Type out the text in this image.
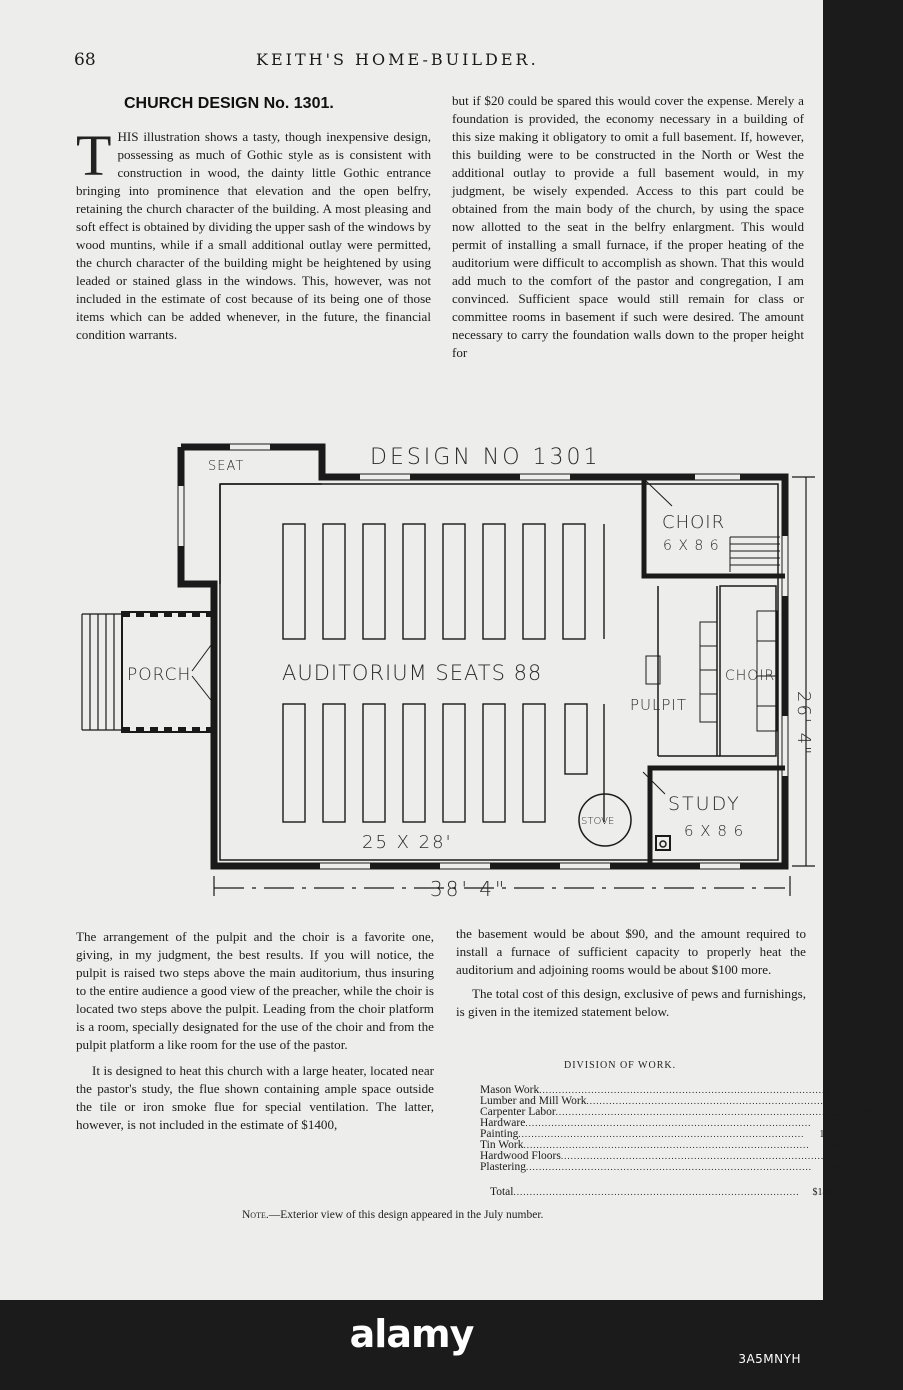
68	KEITH'S HOME-BUILDER.
CHURCH DESIGN No. 1301.

T HIS illustration shows a tasty, though inexpensive design, possessing as much of Gothic style as is consistent with construction in wood, the dainty little Gothic entrance bringing into prominence that elevation and the open belfry, retaining the church character of the building. A most pleasing and soft effect is obtained by dividing the upper sash of the windows by wood muntins, while if a small additional outlay were permitted, the church character of the building might be heightened by using leaded or stained glass in the windows. This, however, was not included in the estimate of cost because of its being one of those items which can be added whenever, in the future, the financial condition warrants.

but if $20 could be spared this would cover the expense. Merely a foundation is provided, the economy necessary in a building of this size making it obligatory to omit a full basement. If, however, this building were to be constructed in the North or West the additional outlay to provide a full basement would, in my judgment, be wisely expended. Access to this part could be obtained from the main body of the church, by using the space now allotted to the seat in the belfry enlargment. This would permit of installing a small furnace, if the proper heating of the auditorium were difficult to accomplish as shown. That this would add much to the comfort of the pastor and congregation, I am convinced. Sufficient space would still remain for class or committee rooms in basement if such were desired. The amount necessary to carry the foundation walls down to the proper height for

DESIGN NO 1301
SEAT
PORCH	AUDITORIUM SEATS 88
25 X 28'
STOVE
CHOIR
6 X 8 6
PULPIT
CHOIR
STUDY
6 X 8 6
38' 4"
26' 4"

The arrangement of the pulpit and the choir is a favorite one, giving, in my judgment, the best results. If you will notice, the pulpit is raised two steps above the main auditorium, thus insuring to the entire audience a good view of the preacher, while the choir is located two steps above the pulpit. Leading from the choir platform is a room, specially designated for the use of the choir and from the pulpit platform a like room for the use of the pastor.

It is designed to heat this church with a large heater, located near the pastor's study, the flue shown containing ample space outside the tile or iron smoke flue for special ventilation. The latter, however, is not included in the estimate of $1400,

the basement would be about $90, and the amount required to install a furnace of sufficient capacity to properly heat the auditorium and adjoining rooms would be about $100 more.

The total cost of this design, exclusive of pews and furnishings, is given in the itemized statement below.

DIVISION OF WORK.
Mason Work ........................................................................................ $	75
Lumber and Mill Work ........................................................................................	700
Carpenter Labor ........................................................................................	300
Hardware ........................................................................................	60
Painting ........................................................................................	125
Tin Work ........................................................................................	20
Hardwood Floors ........................................................................................	20
Plastering ........................................................................................	100
Total ........................................................................................	$1400
Note.—Exterior view of this design appeared in the July number.
alamy
3A5MNYH
